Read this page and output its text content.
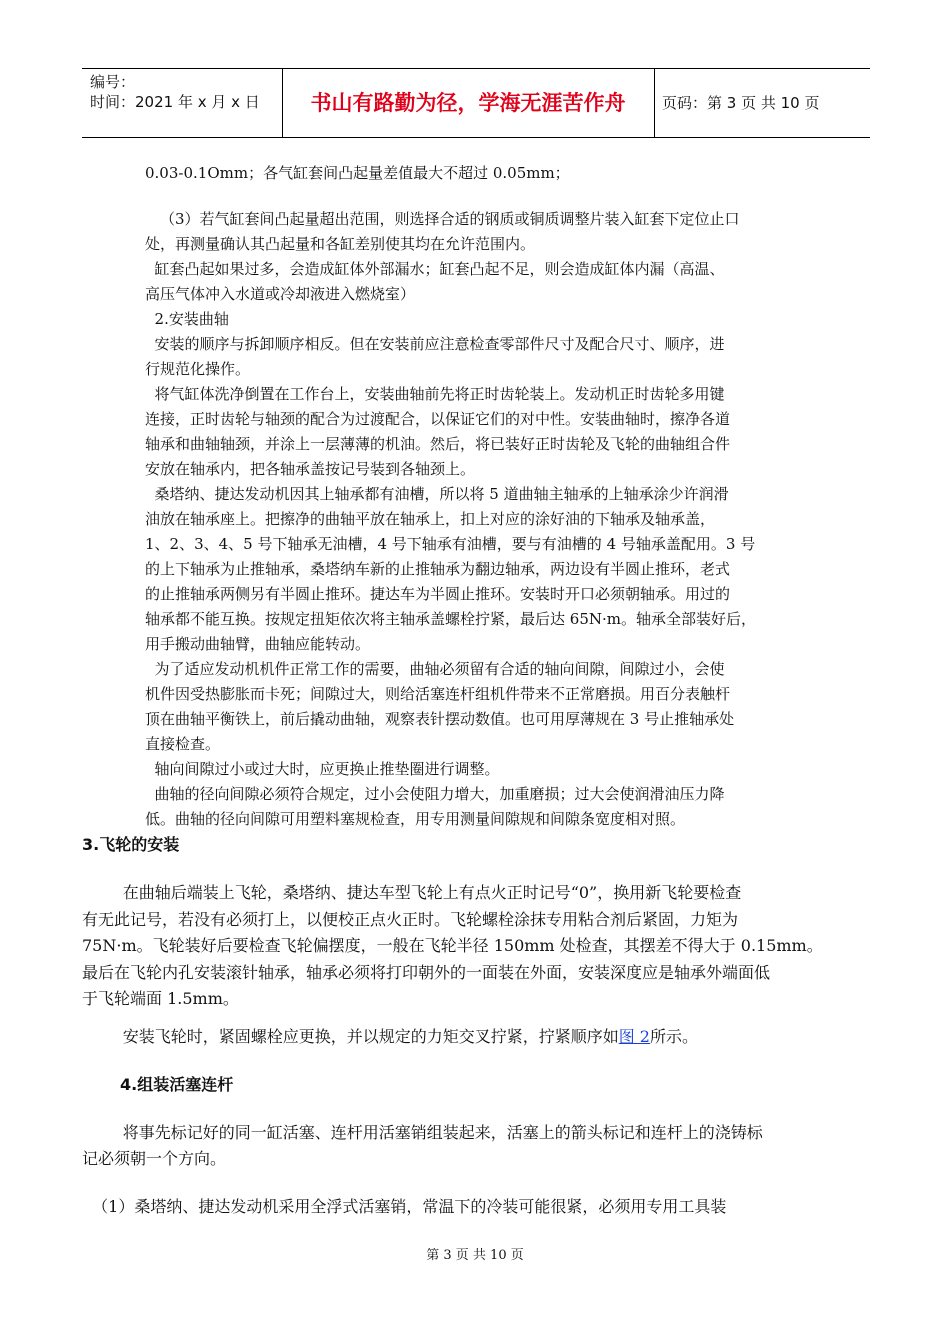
编号：
时间：2021 年 x 月 x 日	书山有路勤为径，学海无涯苦作舟	页码：第 3 页 共 10 页
0.03-0.1Omm；各气缸套间凸起量差值最大不超过 0.05mm；
（3）若气缸套间凸起量超出范围，则选择合适的钢质或铜质调整片装入缸套下定位止口
处，再测量确认其凸起量和各缸差别使其均在允许范围内。
缸套凸起如果过多，会造成缸体外部漏水；缸套凸起不足，则会造成缸体内漏（高温、
高压气体冲入水道或冷却液进入燃烧室）
2.安装曲轴
安装的顺序与拆卸顺序相反。但在安装前应注意检查零部件尺寸及配合尺寸、顺序，进
行规范化操作。
将气缸体洗净倒置在工作台上，安装曲轴前先将正时齿轮装上。发动机正时齿轮多用键
连接，正时齿轮与轴颈的配合为过渡配合，以保证它们的对中性。安装曲轴时，擦净各道
轴承和曲轴轴颈，并涂上一层薄薄的机油。然后，将已装好正时齿轮及飞轮的曲轴组合件
安放在轴承内，把各轴承盖按记号装到各轴颈上。
桑塔纳、捷达发动机因其上轴承都有油槽，所以将 5 道曲轴主轴承的上轴承涂少许润滑
油放在轴承座上。把擦净的曲轴平放在轴承上，扣上对应的涂好油的下轴承及轴承盖，
1、2、3、4、5 号下轴承无油槽，4 号下轴承有油槽，要与有油槽的 4 号轴承盖配用。3 号
的上下轴承为止推轴承，桑塔纳车新的止推轴承为翻边轴承，两边设有半圆止推环，老式
的止推轴承两侧另有半圆止推环。捷达车为半圆止推环。安装时开口必须朝轴承。用过的
轴承都不能互换。按规定扭矩依次将主轴承盖螺栓拧紧，最后达 65N·m。轴承全部装好后，
用手搬动曲轴臂，曲轴应能转动。
为了适应发动机机件正常工作的需要，曲轴必须留有合适的轴向间隙，间隙过小，会使
机件因受热膨胀而卡死；间隙过大，则给活塞连杆组机件带来不正常磨损。用百分表触杆
顶在曲轴平衡铁上，前后撬动曲轴，观察表针摆动数值。也可用厚薄规在 3 号止推轴承处
直接检查。
轴向间隙过小或过大时，应更换止推垫圈进行调整。
曲轴的径向间隙必须符合规定，过小会使阻力增大，加重磨损；过大会使润滑油压力降
低。曲轴的径向间隙可用塑料塞规检查，用专用测量间隙规和间隙条宽度相对照。
3.飞轮的安装
在曲轴后端装上飞轮，桑塔纳、捷达车型飞轮上有点火正时记号“0”，换用新飞轮要检查
有无此记号，若没有必须打上，以便校正点火正时。飞轮螺栓涂抹专用粘合剂后紧固，力矩为
75N·m。飞轮装好后要检查飞轮偏摆度，一般在飞轮半径 150mm 处检查，其摆差不得大于 0.15mm。
最后在飞轮内孔安装滚针轴承，轴承必须将打印朝外的一面装在外面，安装深度应是轴承外端面低
于飞轮端面 1.5mm。
安装飞轮时，紧固螺栓应更换，并以规定的力矩交叉拧紧，拧紧顺序如图 2所示。
4.组装活塞连杆
将事先标记好的同一缸活塞、连杆用活塞销组装起来，活塞上的箭头标记和连杆上的浇铸标
记必须朝一个方向。
（1）桑塔纳、捷达发动机采用全浮式活塞销，常温下的冷装可能很紧，必须用专用工具装
第 3 页 共 10 页
